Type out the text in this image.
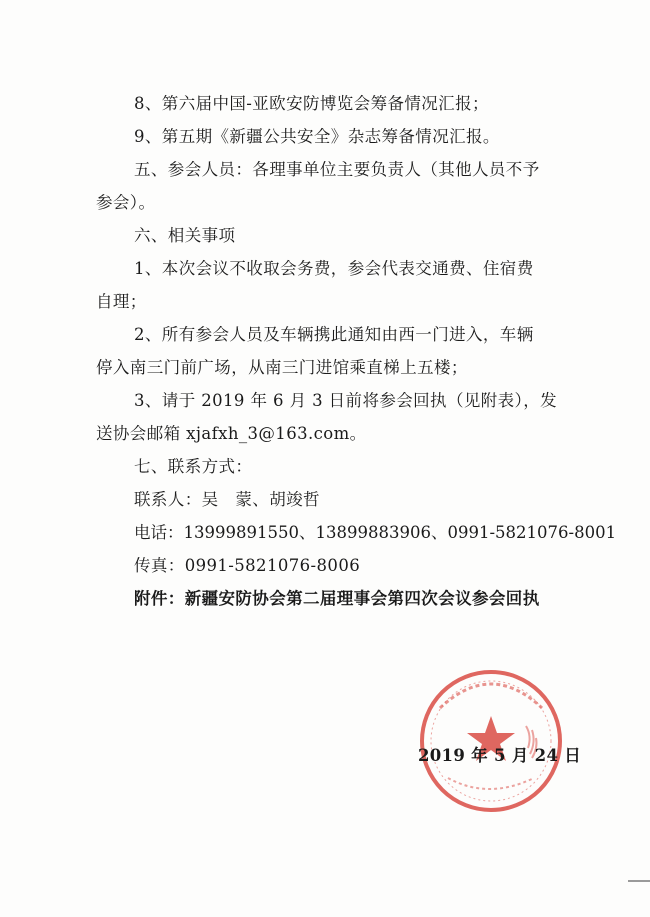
8、第六届中国-亚欧安防博览会筹备情况汇报；
9、第五期《新疆公共安全》杂志筹备情况汇报。
五、参会人员：各理事单位主要负责人（其他人员不予
参会）。
六、相关事项
1、本次会议不收取会务费，参会代表交通费、住宿费
自理；
2、所有参会人员及车辆携此通知由西一门进入，车辆
停入南三门前广场，从南三门进馆乘直梯上五楼；
3、请于 2019 年 6 月 3 日前将参会回执（见附表），发
送协会邮箱 xjafxh_3@163.com。
七、联系方式：
联系人：吴　蒙、胡竣哲
电话：13999891550、13899883906、0991-5821076-8001
传真：0991-5821076-8006
附件：新疆安防协会第二届理事会第四次会议参会回执
2019 年 5 月 24 日
